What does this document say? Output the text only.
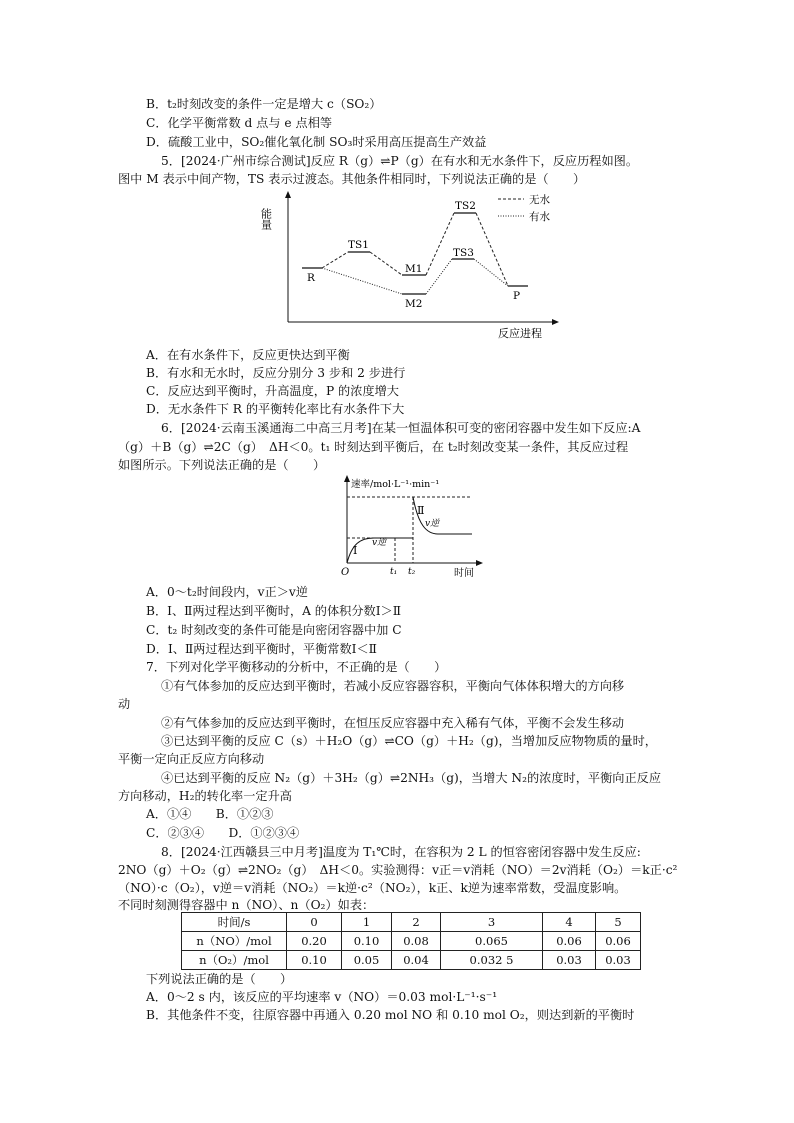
B．t₂时刻改变的条件一定是增大 c（SO₂）
C．化学平衡常数 d 点与 e 点相等
D．硫酸工业中，SO₂催化氧化制 SO₃时采用高压提高生产效益
5．[2024·广州市综合测试]反应 R（g）⇌P（g）在有水和无水条件下，反应历程如图。
图中 M 表示中间产物，TS 表示过渡态。其他条件相同时，下列说法正确的是（　　）
能量
反应进程
无水
有水
R
TS1
M1
M2
TS2
TS3
P
A．在有水条件下，反应更快达到平衡
B．有水和无水时，反应分别分 3 步和 2 步进行
C．反应达到平衡时，升高温度，P 的浓度增大
D．无水条件下 R 的平衡转化率比有水条件下大
6．[2024·云南玉溪通海二中高三月考]在某一恒温体积可变的密闭容器中发生如下反应:A
（g）＋B（g）⇌2C（g）　ΔH＜0。t₁ 时刻达到平衡后，在 t₂时刻改变某一条件，其反应过程
如图所示。下列说法正确的是（　　）
速率/mol·L⁻¹·min⁻¹
O	时间
Ⅰ
Ⅱ
v逆
v逆
t₁ t₂
A．0～t₂时间段内，v正＞v逆
B．Ⅰ、Ⅱ两过程达到平衡时，A 的体积分数Ⅰ＞Ⅱ
C．t₂ 时刻改变的条件可能是向密闭容器中加 C
D．Ⅰ、Ⅱ两过程达到平衡时，平衡常数Ⅰ＜Ⅱ
7．下列对化学平衡移动的分析中，不正确的是（　　）
①有气体参加的反应达到平衡时，若减小反应容器容积，平衡向气体体积增大的方向移
动
②有气体参加的反应达到平衡时，在恒压反应容器中充入稀有气体，平衡不会发生移动
③已达到平衡的反应 C（s）＋H₂O（g）⇌CO（g）＋H₂（g)，当增加反应物物质的量时，
平衡一定向正反应方向移动
④已达到平衡的反应 N₂（g）＋3H₂（g）⇌2NH₃（g)，当增大 N₂的浓度时，平衡向正反应
方向移动，H₂的转化率一定升高
A．①④　　B．①②③
C．②③④　　D．①②③④
8．[2024·江西赣县三中月考]温度为 T₁℃时，在容积为 2 L 的恒容密闭容器中发生反应:
2NO（g）＋O₂（g）⇌2NO₂（g）　ΔH＜0。实验测得：v正＝v消耗（NO）＝2v消耗（O₂）＝k正·c²
（NO）·c（O₂），v逆＝v消耗（NO₂）＝k逆·c²（NO₂），k正、k逆为速率常数，受温度影响。
不同时刻测得容器中 n（NO）、n（O₂）如表：
时间/s	0	1	2	3	4	5
n（NO）/mol	0.20	0.10	0.08	0.065	0.06	0.06
n（O₂）/mol	0.10	0.05	0.04	0.032 5	0.03	0.03
下列说法正确的是（　　）
A．0～2 s 内，该反应的平均速率 v（NO）＝0.03 mol·L⁻¹·s⁻¹
B．其他条件不变，往原容器中再通入 0.20 mol NO 和 0.10 mol O₂，则达到新的平衡时
